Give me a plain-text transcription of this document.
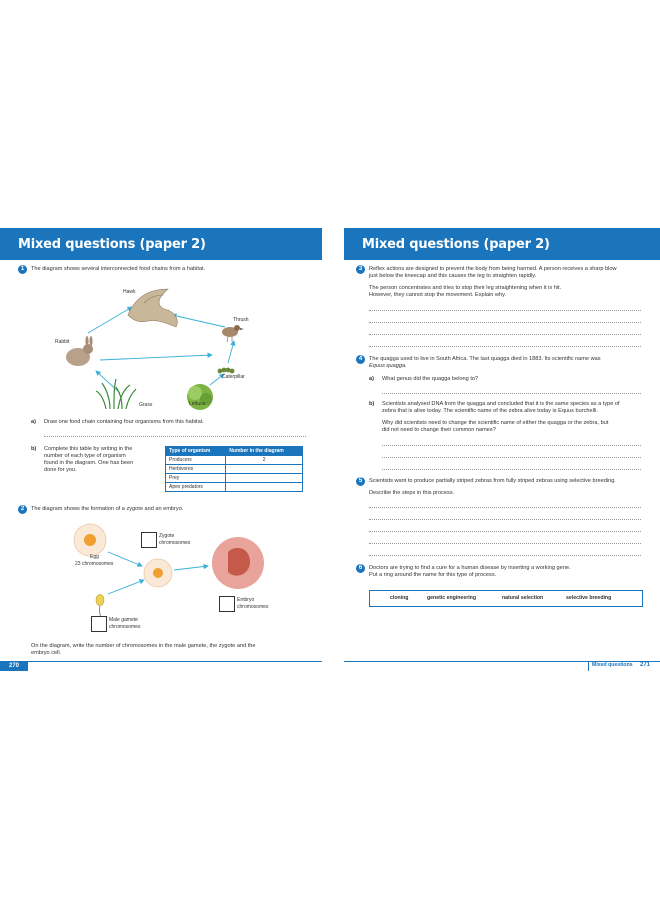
Mixed questions (paper 2)
1	The diagram shows several interconnected food chains from a habitat.
Hawk
Thrush
Rabbit
Caterpillar
Grass	Lettuce
a) Draw one food chain containing four organisms from this habitat.
b) Complete this table by writing in the
number of each type of organism
found in the diagram. One has been
done for you.
Type of organism	Number in the diagram
Producers	2
Herbivores	
Prey	
Apex predators	
2	The diagram shows the formation of a zygote and an embryo.
Zygote
chromosomes
Egg
23 chromosomes
Embryo
chromosomes
Male gamete
chromosomes
On the diagram, write the number of chromosomes in the male gamete, the zygote and the
embryo cell.
270
Mixed questions (paper 2)
3	Reflex actions are designed to prevent the body from being harmed. A person receives a sharp blow
just below the kneecap and this causes the leg to straighten rapidly.
The person concentrates and tries to stop their leg straightening when it is hit.
However, they cannot stop the movement. Explain why.
4	The quagga used to live in South Africa. The last quagga died in 1883. Its scientific name was
Equus quagga.
a) What genus did the quagga belong to?
b) Scientists analysed DNA from the quagga and concluded that it is the same species as a type of
zebra that is alive today. The scientific name of the zebra alive today is Equus burchelli.
Why did scientists need to change the scientific name of either the quagga or the zebra, but
did not need to change their common names?
5	Scientists want to produce partially striped zebras from fully striped zebras using selective breeding.
Describe the steps in this process.
6	Doctors are trying to find a cure for a human disease by inserting a working gene.
Put a ring around the name for this type of process.
cloning	genetic engineering	natural selection	selective breeding
Mixed questions 271
